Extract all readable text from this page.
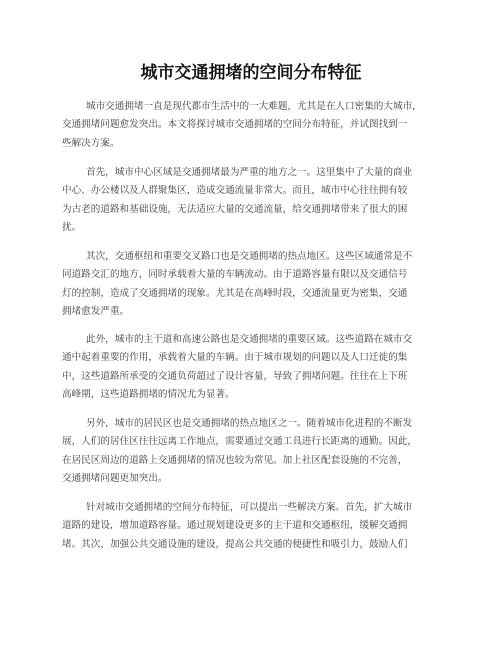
城市交通拥堵的空间分布特征
城市交通拥堵一直是现代都市生活中的一大难题，尤其是在人口密集的大城市，
交通拥堵问题愈发突出。本文将探讨城市交通拥堵的空间分布特征，并试图找到一
些解决方案。
首先，城市中心区域是交通拥堵最为严重的地方之一。这里集中了大量的商业
中心、办公楼以及人群聚集区，造成交通流量非常大。而且，城市中心往往拥有较
为古老的道路和基础设施，无法适应大量的交通流量，给交通拥堵带来了很大的困
扰。
其次，交通枢纽和重要交叉路口也是交通拥堵的热点地区。这些区域通常是不
同道路交汇的地方，同时承载着大量的车辆流动。由于道路容量有限以及交通信号
灯的控制，造成了交通拥堵的现象。尤其是在高峰时段，交通流量更为密集，交通
拥堵愈发严重。
此外，城市的主干道和高速公路也是交通拥堵的重要区域。这些道路在城市交
通中起着重要的作用，承载着大量的车辆。由于城市规划的问题以及人口迁徙的集
中，这些道路所承受的交通负荷超过了设计容量，导致了拥堵问题。往往在上下班
高峰期，这些道路拥堵的情况尤为显著。
另外，城市的居民区也是交通拥堵的热点地区之一。随着城市化进程的不断发
展，人们的居住区往往远离工作地点，需要通过交通工具进行长距离的通勤。因此，
在居民区周边的道路上交通拥堵的情况也较为常见。加上社区配套设施的不完善，
交通拥堵问题更加突出。
针对城市交通拥堵的空间分布特征，可以提出一些解决方案。首先，扩大城市
道路的建设，增加道路容量。通过规划建设更多的主干道和交通枢纽，缓解交通拥
堵。其次，加强公共交通设施的建设，提高公共交通的便捷性和吸引力，鼓励人们
